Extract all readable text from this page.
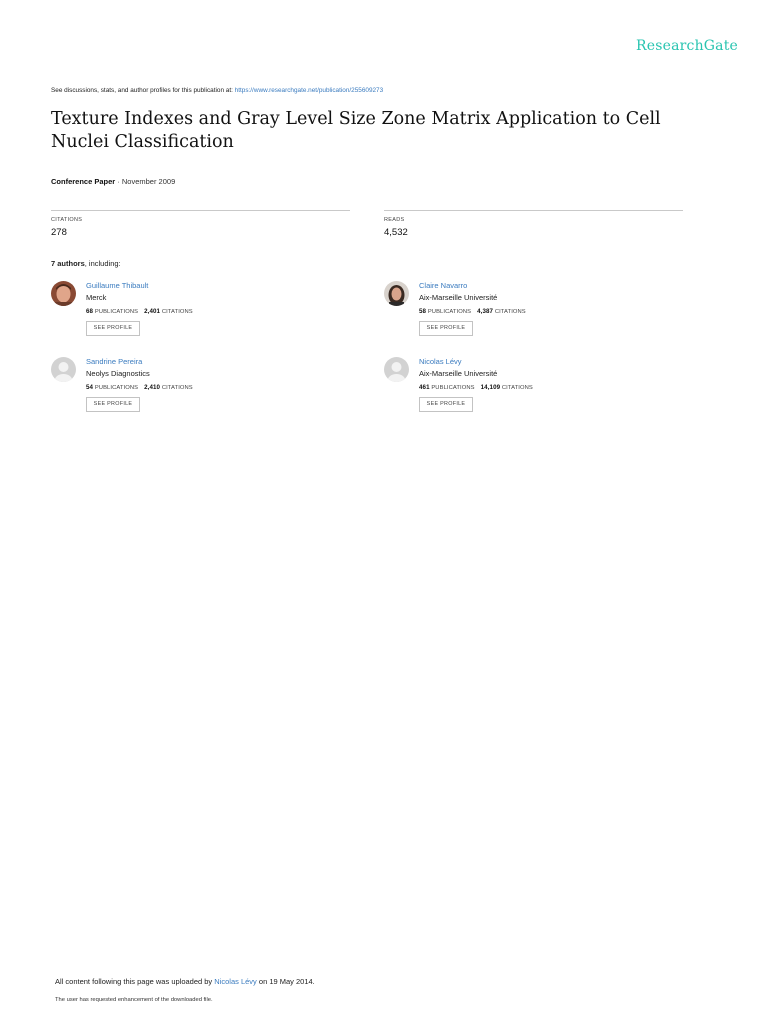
ResearchGate
See discussions, stats, and author profiles for this publication at: https://www.researchgate.net/publication/255609273
Texture Indexes and Gray Level Size Zone Matrix Application to Cell Nuclei Classification
Conference Paper · November 2009
CITATIONS
278
READS
4,532
7 authors, including:
Guillaume Thibault
Merck
68 PUBLICATIONS 2,401 CITATIONS
SEE PROFILE
Claire Navarro
Aix-Marseille Université
58 PUBLICATIONS 4,387 CITATIONS
SEE PROFILE
Sandrine Pereira
Neolys Diagnostics
54 PUBLICATIONS 2,410 CITATIONS
SEE PROFILE
Nicolas Lévy
Aix-Marseille Université
461 PUBLICATIONS 14,109 CITATIONS
SEE PROFILE
All content following this page was uploaded by Nicolas Lévy on 19 May 2014.
The user has requested enhancement of the downloaded file.
